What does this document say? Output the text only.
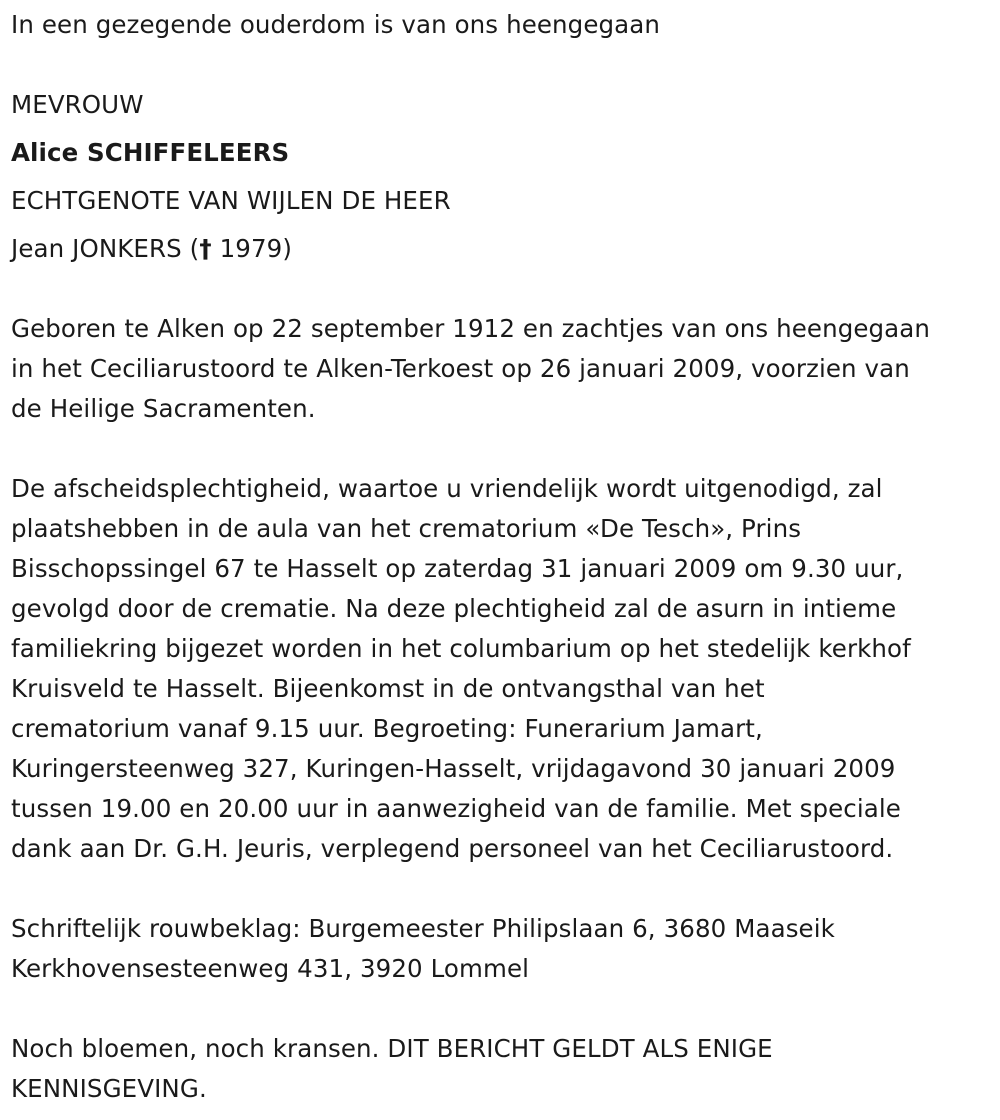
In een gezegende ouderdom is van ons heengegaan
MEVROUW
Alice SCHIFFELEERS
ECHTGENOTE VAN WIJLEN DE HEER
Jean JONKERS († 1979)
Geboren te Alken op 22 september 1912 en zachtjes van ons heengegaan
in het Ceciliarustoord te Alken-Terkoest op 26 januari 2009, voorzien van
de Heilige Sacramenten.
De afscheidsplechtigheid, waartoe u vriendelijk wordt uitgenodigd, zal
plaatshebben in de aula van het crematorium «De Tesch», Prins
Bisschopssingel 67 te Hasselt op zaterdag 31 januari 2009 om 9.30 uur,
gevolgd door de crematie. Na deze plechtigheid zal de asurn in intieme
familiekring bijgezet worden in het columbarium op het stedelijk kerkhof
Kruisveld te Hasselt. Bijeenkomst in de ontvangsthal van het
crematorium vanaf 9.15 uur. Begroeting: Funerarium Jamart,
Kuringersteenweg 327, Kuringen-Hasselt, vrijdagavond 30 januari 2009
tussen 19.00 en 20.00 uur in aanwezigheid van de familie. Met speciale
dank aan Dr. G.H. Jeuris, verplegend personeel van het Ceciliarustoord.
Schriftelijk rouwbeklag: Burgemeester Philipslaan 6, 3680 Maaseik
Kerkhovensesteenweg 431, 3920 Lommel
Noch bloemen, noch kransen. DIT BERICHT GELDT ALS ENIGE
KENNISGEVING.
